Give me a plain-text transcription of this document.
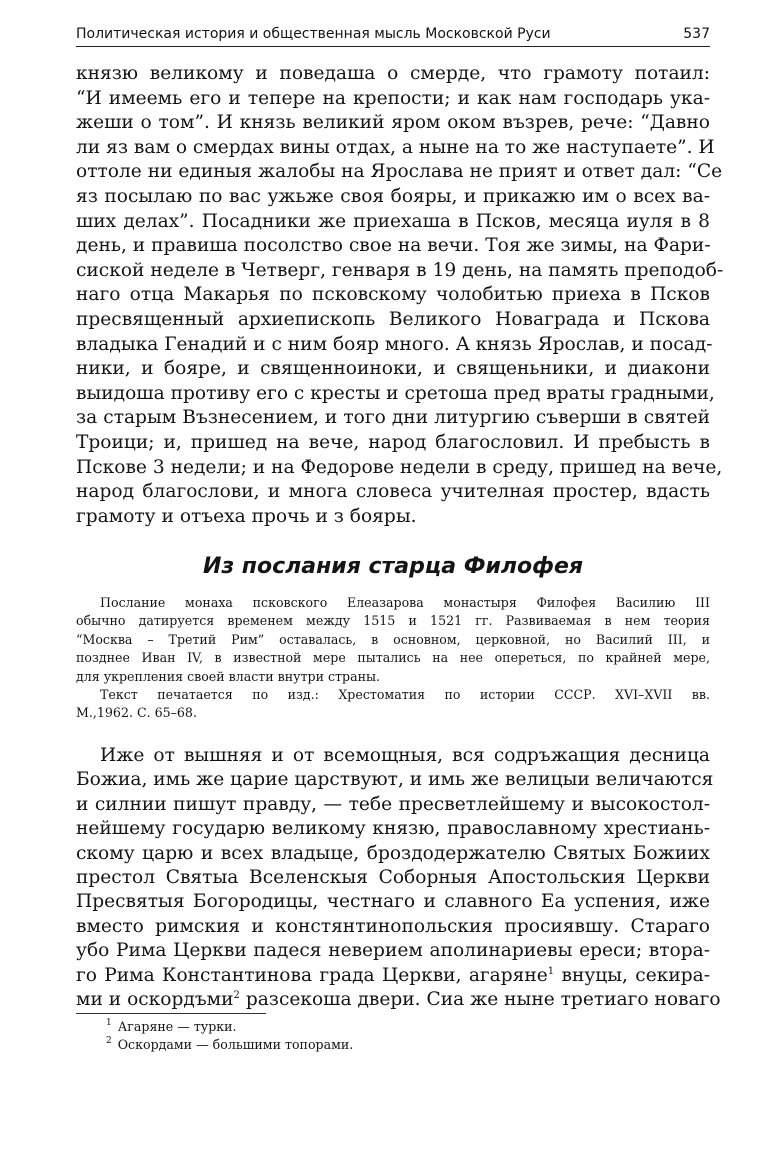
Политическая история и общественная мысль Московской Руси	537
князю великому и поведаша о смерде, что грамоту потаил:
“И имеемь его и тепере на крепости; и как нам господарь ука-
жеши о том”. И князь великий яром оком възрев, рече: “Давно
ли яз вам о смердах вины отдах, а ныне на то же наступаете”. И
оттоле ни единыя жалобы на Ярослава не прият и ответ дал: “Се
яз посылаю по вас ужьже своя бояры, и прикажю им о всех ва-
ших делах”. Посадники же приехаша в Псков, месяца иуля в 8
день, и правиша посолство свое на вечи. Тоя же зимы, на Фари-
сиской неделе в Четверг, генваря в 19 день, на память преподоб-
наго отца Макарья по псковскому чолобитью приеха в Псков
пресвященный архиепископь Великого Новаграда и Пскова
владыка Генадий и с ним бояр много. А князь Ярослав, и посад-
ники, и бояре, и священноиноки, и священьники, и диакони
выидоша противу его с кресты и сретоша пред враты градными,
за старым Възнесением, и того дни литургию съверши в святей
Троици; и, пришед на вече, народ благословил. И пребысть в
Пскове 3 недели; и на Федорове недели в среду, пришед на вече,
народ благослови, и многа словеса учителная простер, вдасть
грамоту и отъеха прочь и з бояры.
Из послания старца Филофея
Послание монаха псковского Елеазарова монастыря Филофея Василию III
обычно датируется временем между 1515 и 1521 гг. Развиваемая в нем теория
“Москва – Третий Рим” оставалась, в основном, церковной, но Василий III, и
позднее Иван IV, в известной мере пытались на нее опереться, по крайней мере,
для укрепления своей власти внутри страны.
Текст печатается по изд.: Хрестоматия по истории СССР. XVI–XVII вв.
М.,1962. С. 65–68.
Иже от вышняя и от всемощныя, вся содръжащия десница
Божиа, имь же царие царствуют, и имь же велицыи величаются
и силнии пишут правду, — тебе пресветлейшему и высокостол-
нейшему государю великому князю, православному хрестиань-
скому царю и всех владыце, броздодержателю Святых Божиих
престол Святыа Вселенскыя Соборныя Апостольския Церкви
Пресвятыя Богородицы, честнаго и славного Еа успения, иже
вместо римския и констянтинопольския просиявшу. Стараго
убо Рима Церкви падеся неверием аполинариевы ереси; втора-
го Рима Константинова града Церкви, агаряне$^1$ внуцы, секира-
ми и оскордъми$^2$ разсекоша двери. Сиа же ныне третиаго новаго
$^1$ Агаряне — турки.
$^2$ Оскордами — большими топорами.
